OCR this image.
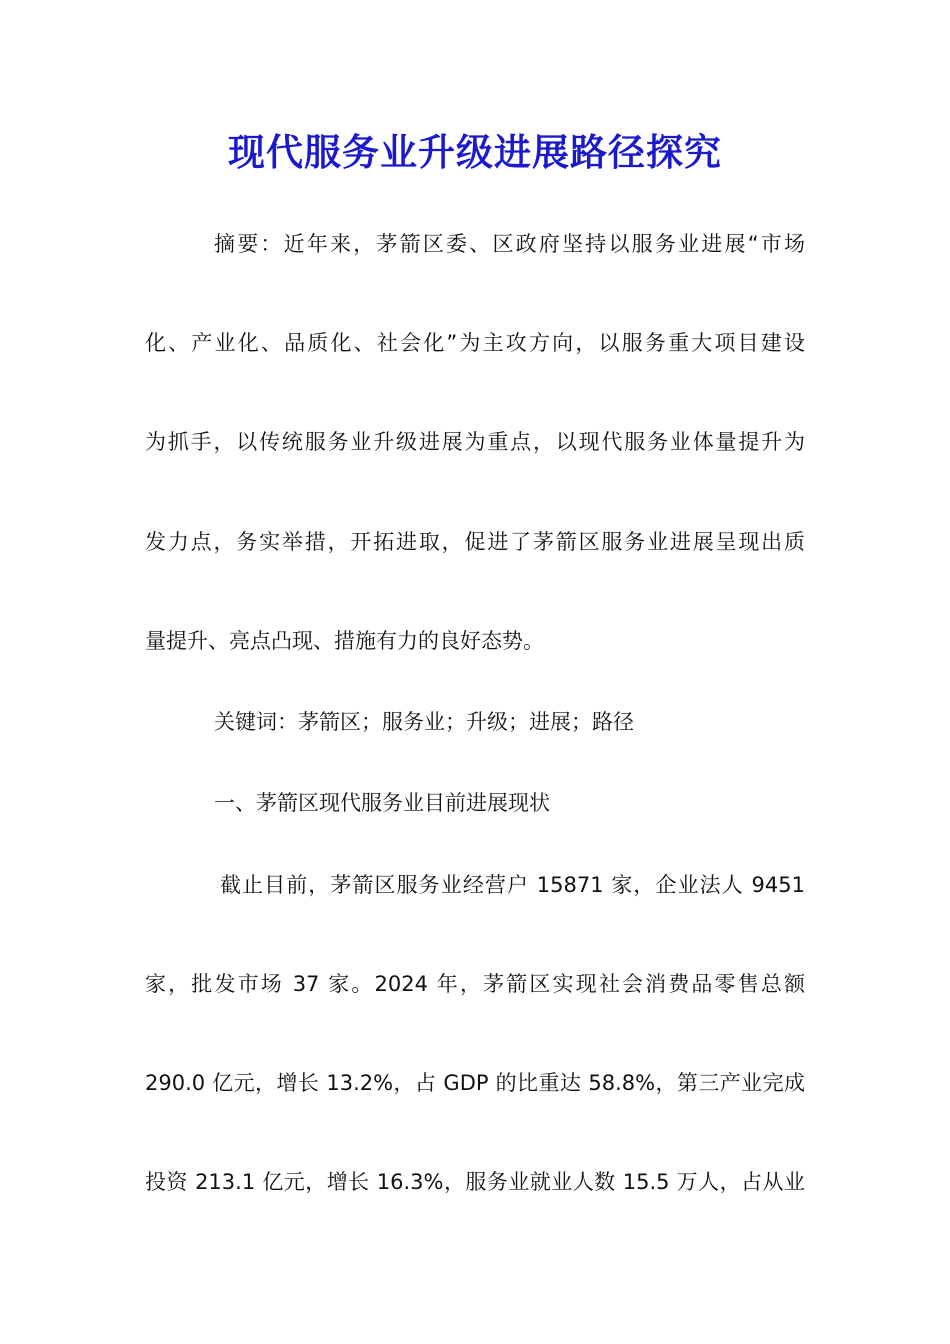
现代服务业升级进展路径探究
摘要：近年来，茅箭区委、区政府坚持以服务业进展“市场
化、产业化、品质化、社会化”为主攻方向，以服务重大项目建设
为抓手，以传统服务业升级进展为重点，以现代服务业体量提升为
发力点，务实举措，开拓进取，促进了茅箭区服务业进展呈现出质
量提升、亮点凸现、措施有力的良好态势。
关键词：茅箭区；服务业；升级；进展；路径
一、茅箭区现代服务业目前进展现状
截止目前，茅箭区服务业经营户 15871 家，企业法人 9451
家，批发市场 37 家。2024 年，茅箭区实现社会消费品零售总额
290.0 亿元，增长 13.2%，占 GDP 的比重达 58.8%，第三产业完成
投资 213.1 亿元，增长 16.3%，服务业就业人数 15.5 万人，占从业
